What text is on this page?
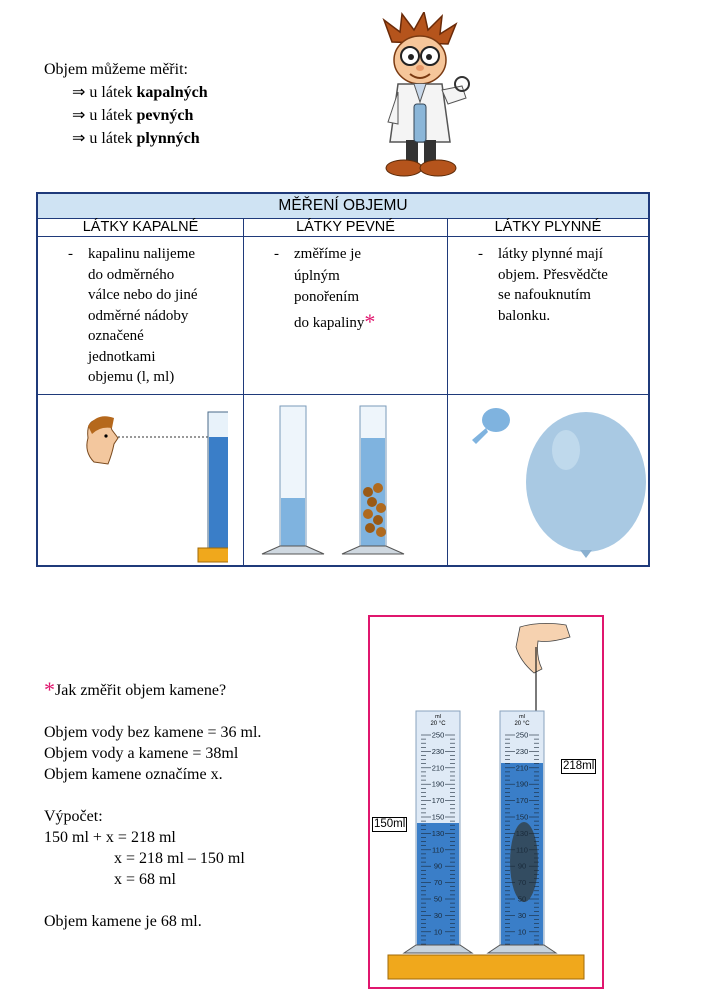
Objem můžeme měřit:
⇒ u látek kapalných
⇒ u látek pevných
⇒ u látek plynných
MĚŘENÍ OBJEMU
LÁTKY KAPALNÉ	LÁTKY PEVNÉ	LÁTKY PLYNNÉ
- kapalinu nalijeme
do odměrného
válce nebo do jiné
odměrné nádoby
označené
jednotkami
objemu (l, ml)
- změříme je
úplným
ponořením
do kapaliny*
- látky plynné mají
objem. Přesvědčte
se nafouknutím
balonku.
*Jak změřit objem kamene?
Objem vody bez kamene = 36 ml.
Objem vody a kamene = 38ml
Objem kamene označíme x.
Výpočet:
150 ml + x = 218 ml
x = 218 ml – 150 ml
x = 68 ml
Objem kamene je 68 ml.
250
230
210
190
170
150
130
110
90
70
50
30
10
250
230
210
190
170
150
130
110
90
70
50
30
10
ml
20 °C
ml
20 °C
150ml
218ml
